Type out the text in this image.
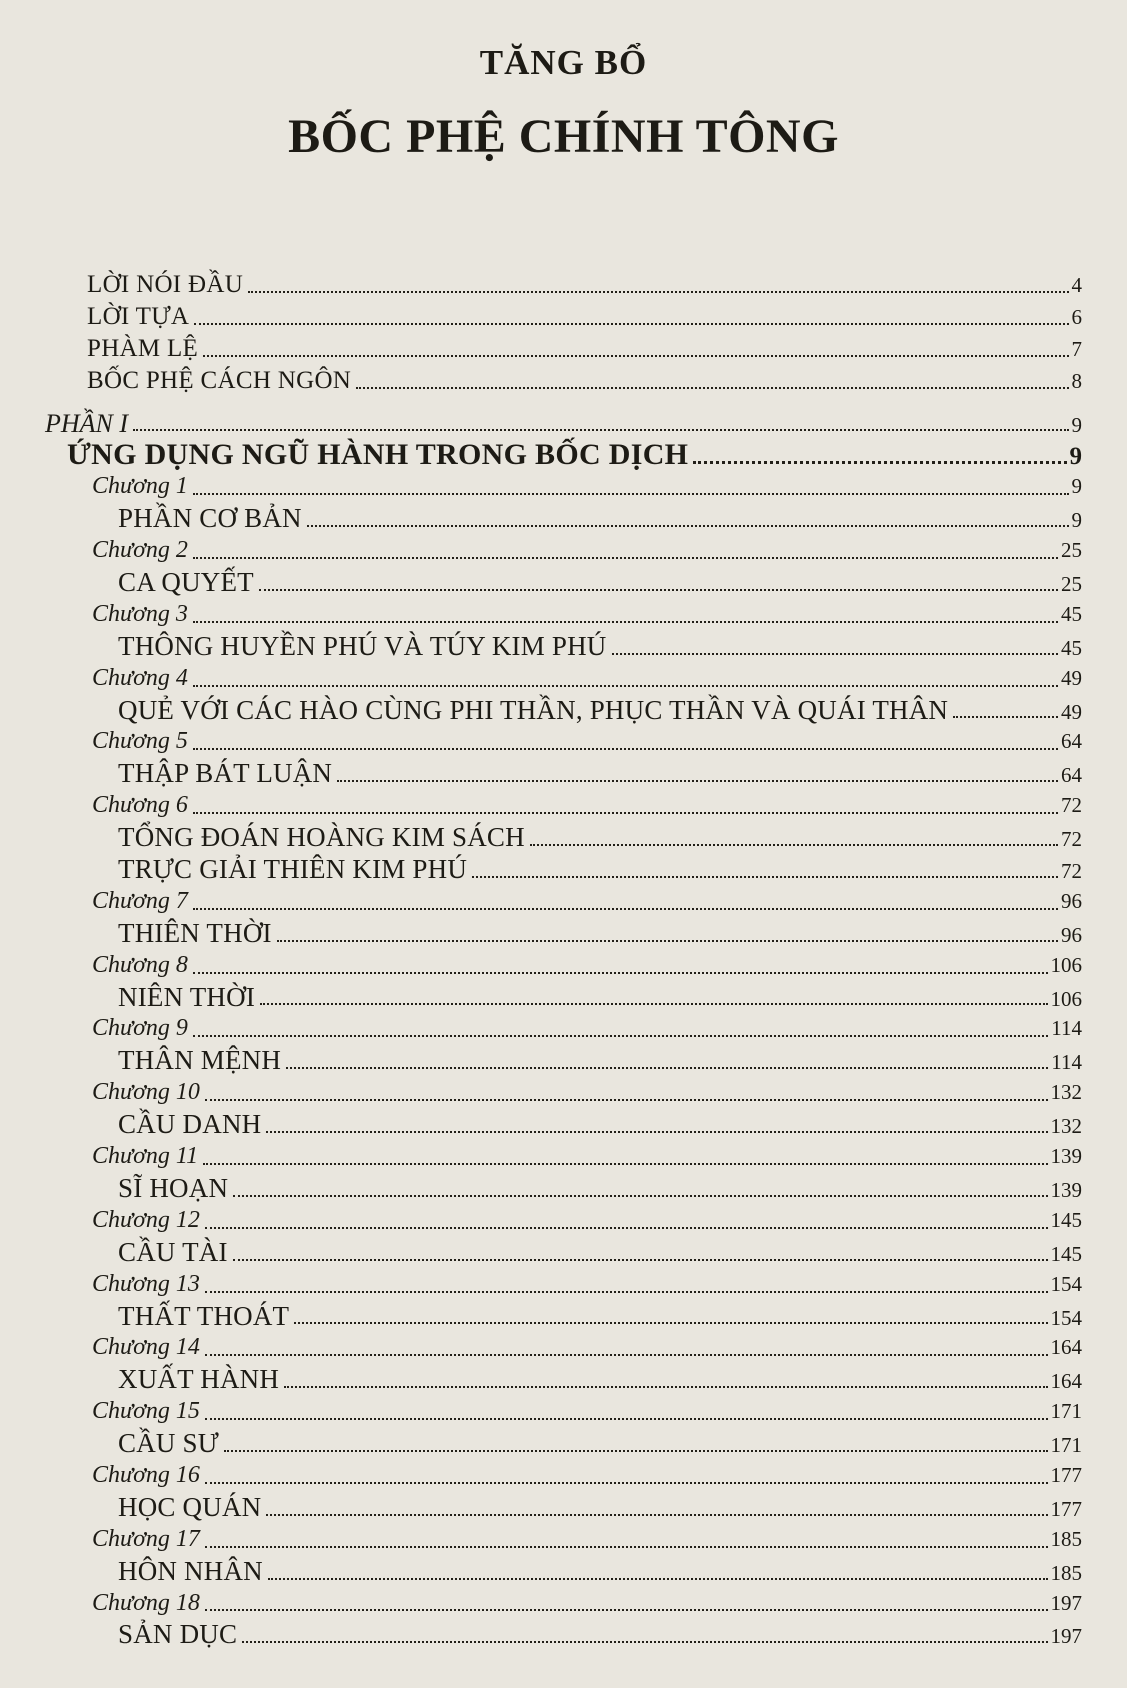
TĂNG BỔ
BỐC PHỆ CHÍNH TÔNG
LỜI NÓI ĐẦU	4
LỜI TỰA	6
PHÀM LỆ	7
BỐC PHỆ CÁCH NGÔN	8
PHẦN I	9
ỨNG DỤNG NGŨ HÀNH TRONG BỐC DỊCH	9
Chương 1	9
PHẦN CƠ BẢN	9
Chương 2	25
CA QUYẾT	25
Chương 3	45
THÔNG HUYỀN PHÚ VÀ TÚY KIM PHÚ	45
Chương 4	49
QUẺ VỚI CÁC HÀO CÙNG PHI THẦN, PHỤC THẦN VÀ QUÁI THÂN	49
Chương 5	64
THẬP BÁT LUẬN	64
Chương 6	72
TỔNG ĐOÁN HOÀNG KIM SÁCH	72
TRỰC GIẢI THIÊN KIM PHÚ	72
Chương 7	96
THIÊN THỜI	96
Chương 8	106
NIÊN THỜI	106
Chương 9	114
THÂN MỆNH	114
Chương 10	132
CẦU DANH	132
Chương 11	139
SĨ HOẠN	139
Chương 12	145
CẦU TÀI	145
Chương 13	154
THẤT THOÁT	154
Chương 14	164
XUẤT HÀNH	164
Chương 15	171
CẦU SƯ	171
Chương 16	177
HỌC QUÁN	177
Chương 17	185
HÔN NHÂN	185
Chương 18	197
SẢN DỤC	197
